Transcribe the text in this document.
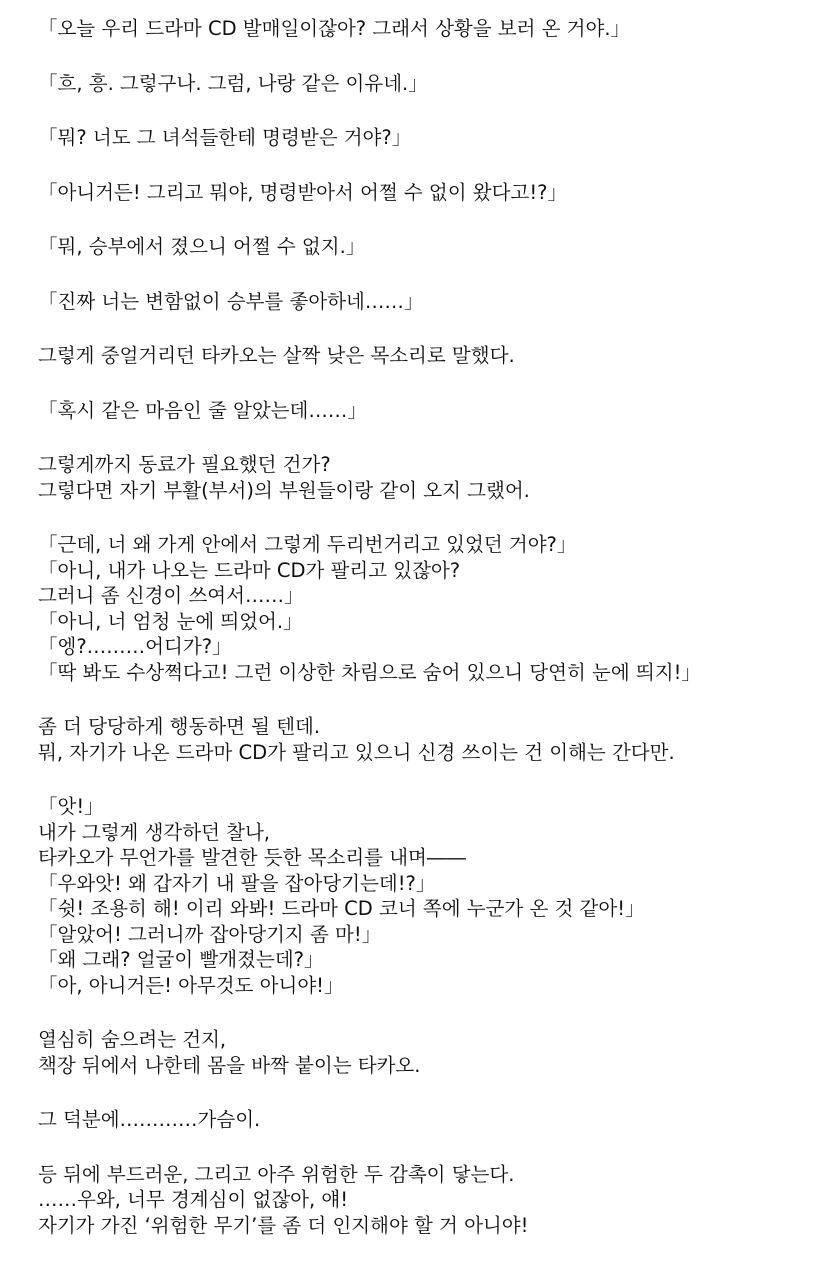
「오늘 우리 드라마 CD 발매일이잖아? 그래서 상황을 보러 온 거야.」
「흐, 흥. 그렇구나. 그럼, 나랑 같은 이유네.」
「뭐? 너도 그 녀석들한테 명령받은 거야?」
「아니거든! 그리고 뭐야, 명령받아서 어쩔 수 없이 왔다고!?」
「뭐, 승부에서 졌으니 어쩔 수 없지.」
「진짜 너는 변함없이 승부를 좋아하네……」
그렇게 중얼거리던 타카오는 살짝 낮은 목소리로 말했다.
「혹시 같은 마음인 줄 알았는데……」
그렇게까지 동료가 필요했던 건가?
그렇다면 자기 부활(부서)의 부원들이랑 같이 오지 그랬어.
「근데, 너 왜 가게 안에서 그렇게 두리번거리고 있었던 거야?」
「아니, 내가 나오는 드라마 CD가 팔리고 있잖아?
그러니 좀 신경이 쓰여서……」
「아니, 너 엄청 눈에 띄었어.」
「엥?………어디가?」
「딱 봐도 수상쩍다고! 그런 이상한 차림으로 숨어 있으니 당연히 눈에 띄지!」
좀 더 당당하게 행동하면 될 텐데.
뭐, 자기가 나온 드라마 CD가 팔리고 있으니 신경 쓰이는 건 이해는 간다만.
「앗!」
내가 그렇게 생각하던 찰나,
타카오가 무언가를 발견한 듯한 목소리를 내며――
「우와앗! 왜 갑자기 내 팔을 잡아당기는데!?」
「쉿! 조용히 해! 이리 와봐! 드라마 CD 코너 쪽에 누군가 온 것 같아!」
「알았어! 그러니까 잡아당기지 좀 마!」
「왜 그래? 얼굴이 빨개졌는데?」
「아, 아니거든! 아무것도 아니야!」
열심히 숨으려는 건지,
책장 뒤에서 나한테 몸을 바짝 붙이는 타카오.
그 덕분에…………가슴이.
등 뒤에 부드러운, 그리고 아주 위험한 두 감촉이 닿는다.
……우와, 너무 경계심이 없잖아, 얘!
자기가 가진 ‘위험한 무기’를 좀 더 인지해야 할 거 아니야!
